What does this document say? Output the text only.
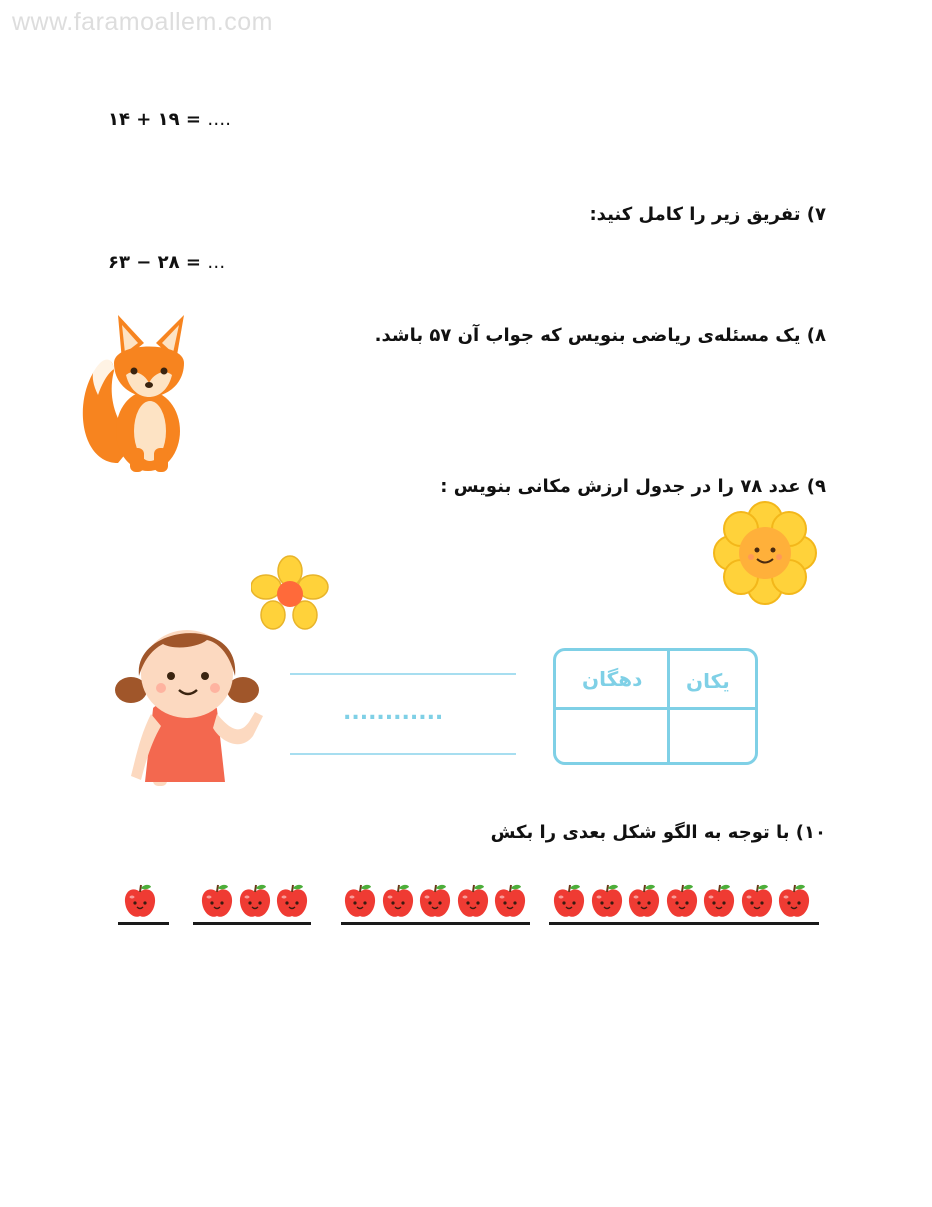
www.faramoallem.com
۱۴ + ۱۹ = ….
۷) تفریق زیر را کامل کنید:
۶۳ − ۲۸ = …
۸) یک مسئله‌ی ریاضی بنویس که جواب آن ۵۷ باشد.
۹) عدد ۷۸ را در جدول ارزش مکانی بنویس :
............
یکان
دهگان
۱۰) با توجه به الگو شکل بعدی را بکش
